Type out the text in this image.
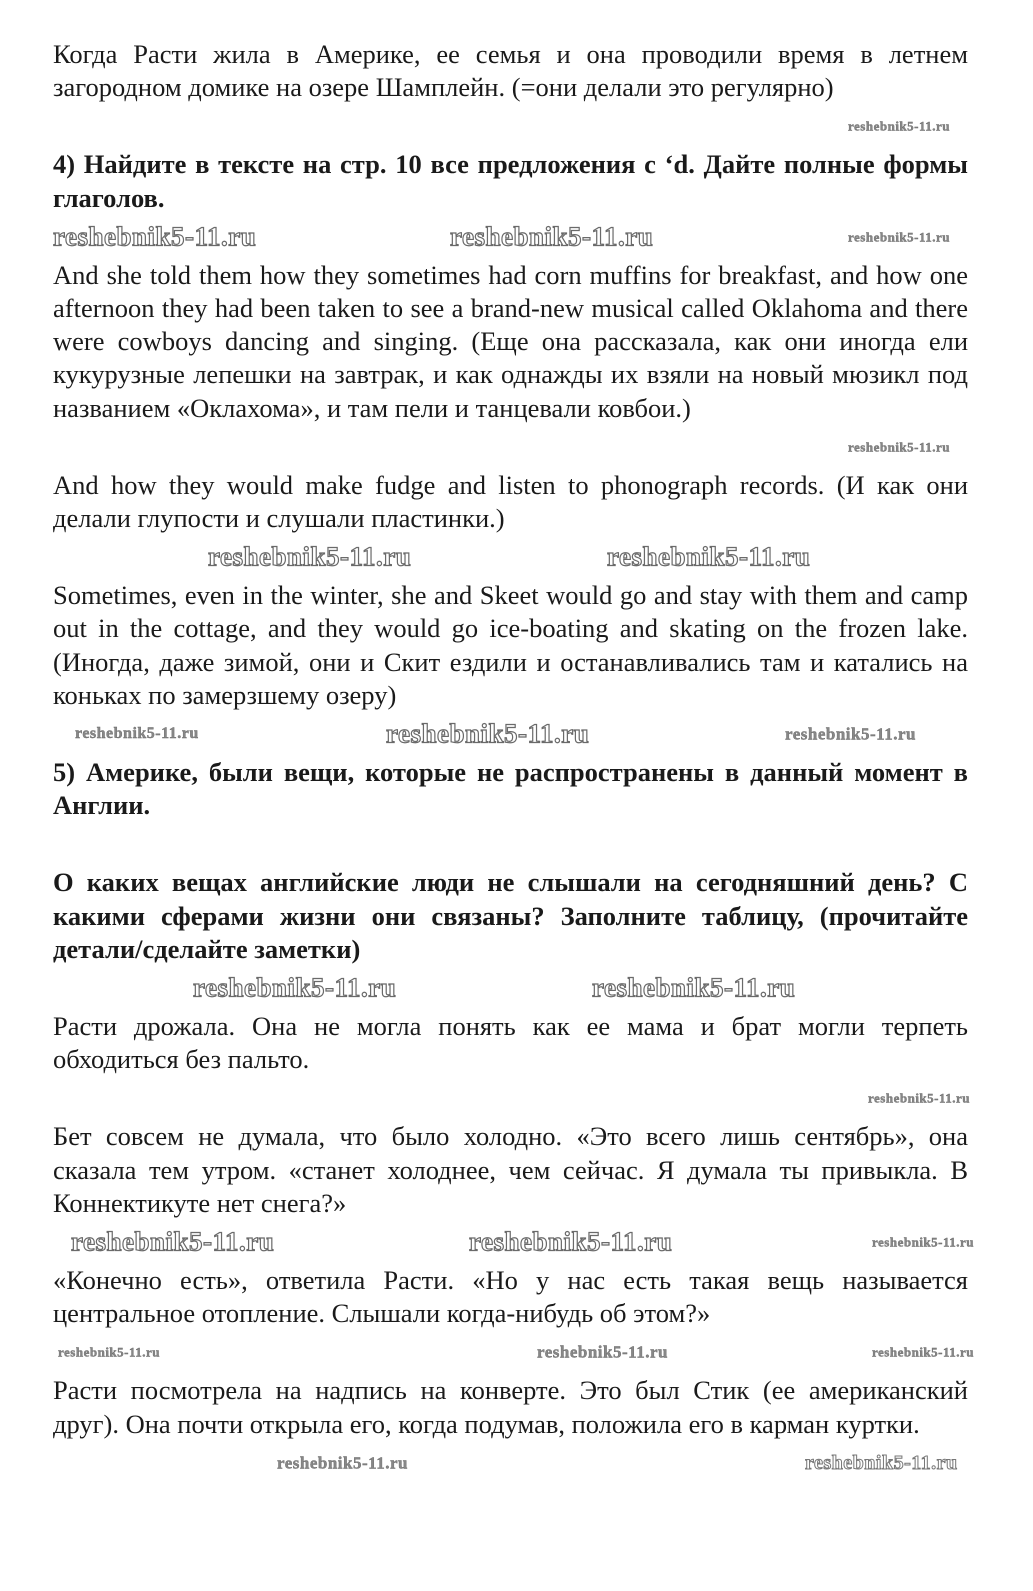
Когда Расти жила в Америке, ее семья и она проводили время в летнем загородном домике на озере Шамплейн. (=они делали это регулярно)

reshebnik5-11.ru

4) Найдите в тексте на стр. 10 все предложения с ‘d. Дайте полные формы глаголов.

reshebnik5-11.ru	reshebnik5-11.ru	reshebnik5-11.ru

And she told them how they sometimes had corn muffins for breakfast, and how one afternoon they had been taken to see a brand-new musical called Oklahoma and there were cowboys dancing and singing. (Еще она рассказала, как они иногда ели кукурузные лепешки на завтрак, и как однажды их взяли на новый мюзикл под названием «Оклахома», и там пели и танцевали ковбои.)

reshebnik5-11.ru

And how they would make fudge and listen to phonograph records. (И как они делали глупости и слушали пластинки.)

reshebnik5-11.ru	reshebnik5-11.ru

Sometimes, even in the winter, she and Skeet would go and stay with them and camp out in the cottage, and they would go ice-boating and skating on the frozen lake. (Иногда, даже зимой, они и Скит ездили и останавливались там и катались на коньках по замерзшему озеру)

reshebnik5-11.ru	reshebnik5-11.ru	reshebnik5-11.ru

5) Америке, были вещи, которые не распространены в данный момент в Англии.

О каких вещах английские люди не слышали на сегодняшний день? С какими сферами жизни они связаны? Заполните таблицу, (прочитайте детали/сделайте заметки)

reshebnik5-11.ru	reshebnik5-11.ru

Расти дрожала. Она не могла понять как ее мама и брат могли терпеть обходиться без пальто.

reshebnik5-11.ru

Бет совсем не думала, что было холодно. «Это всего лишь сентябрь», она сказала тем утром. «станет холоднее, чем сейчас. Я думала ты привыкла. В Коннектикуте нет снега?»

reshebnik5-11.ru	reshebnik5-11.ru	reshebnik5-11.ru

«Конечно есть», ответила Расти. «Но у нас есть такая вещь называется центральное отопление. Слышали когда-нибудь об этом?»

reshebnik5-11.ru	reshebnik5-11.ru	reshebnik5-11.ru

Расти посмотрела на надпись на конверте. Это был Стик (ее американский друг). Она почти открыла его, когда подумав, положила его в карман куртки.

reshebnik5-11.ru	reshebnik5-11.ru
